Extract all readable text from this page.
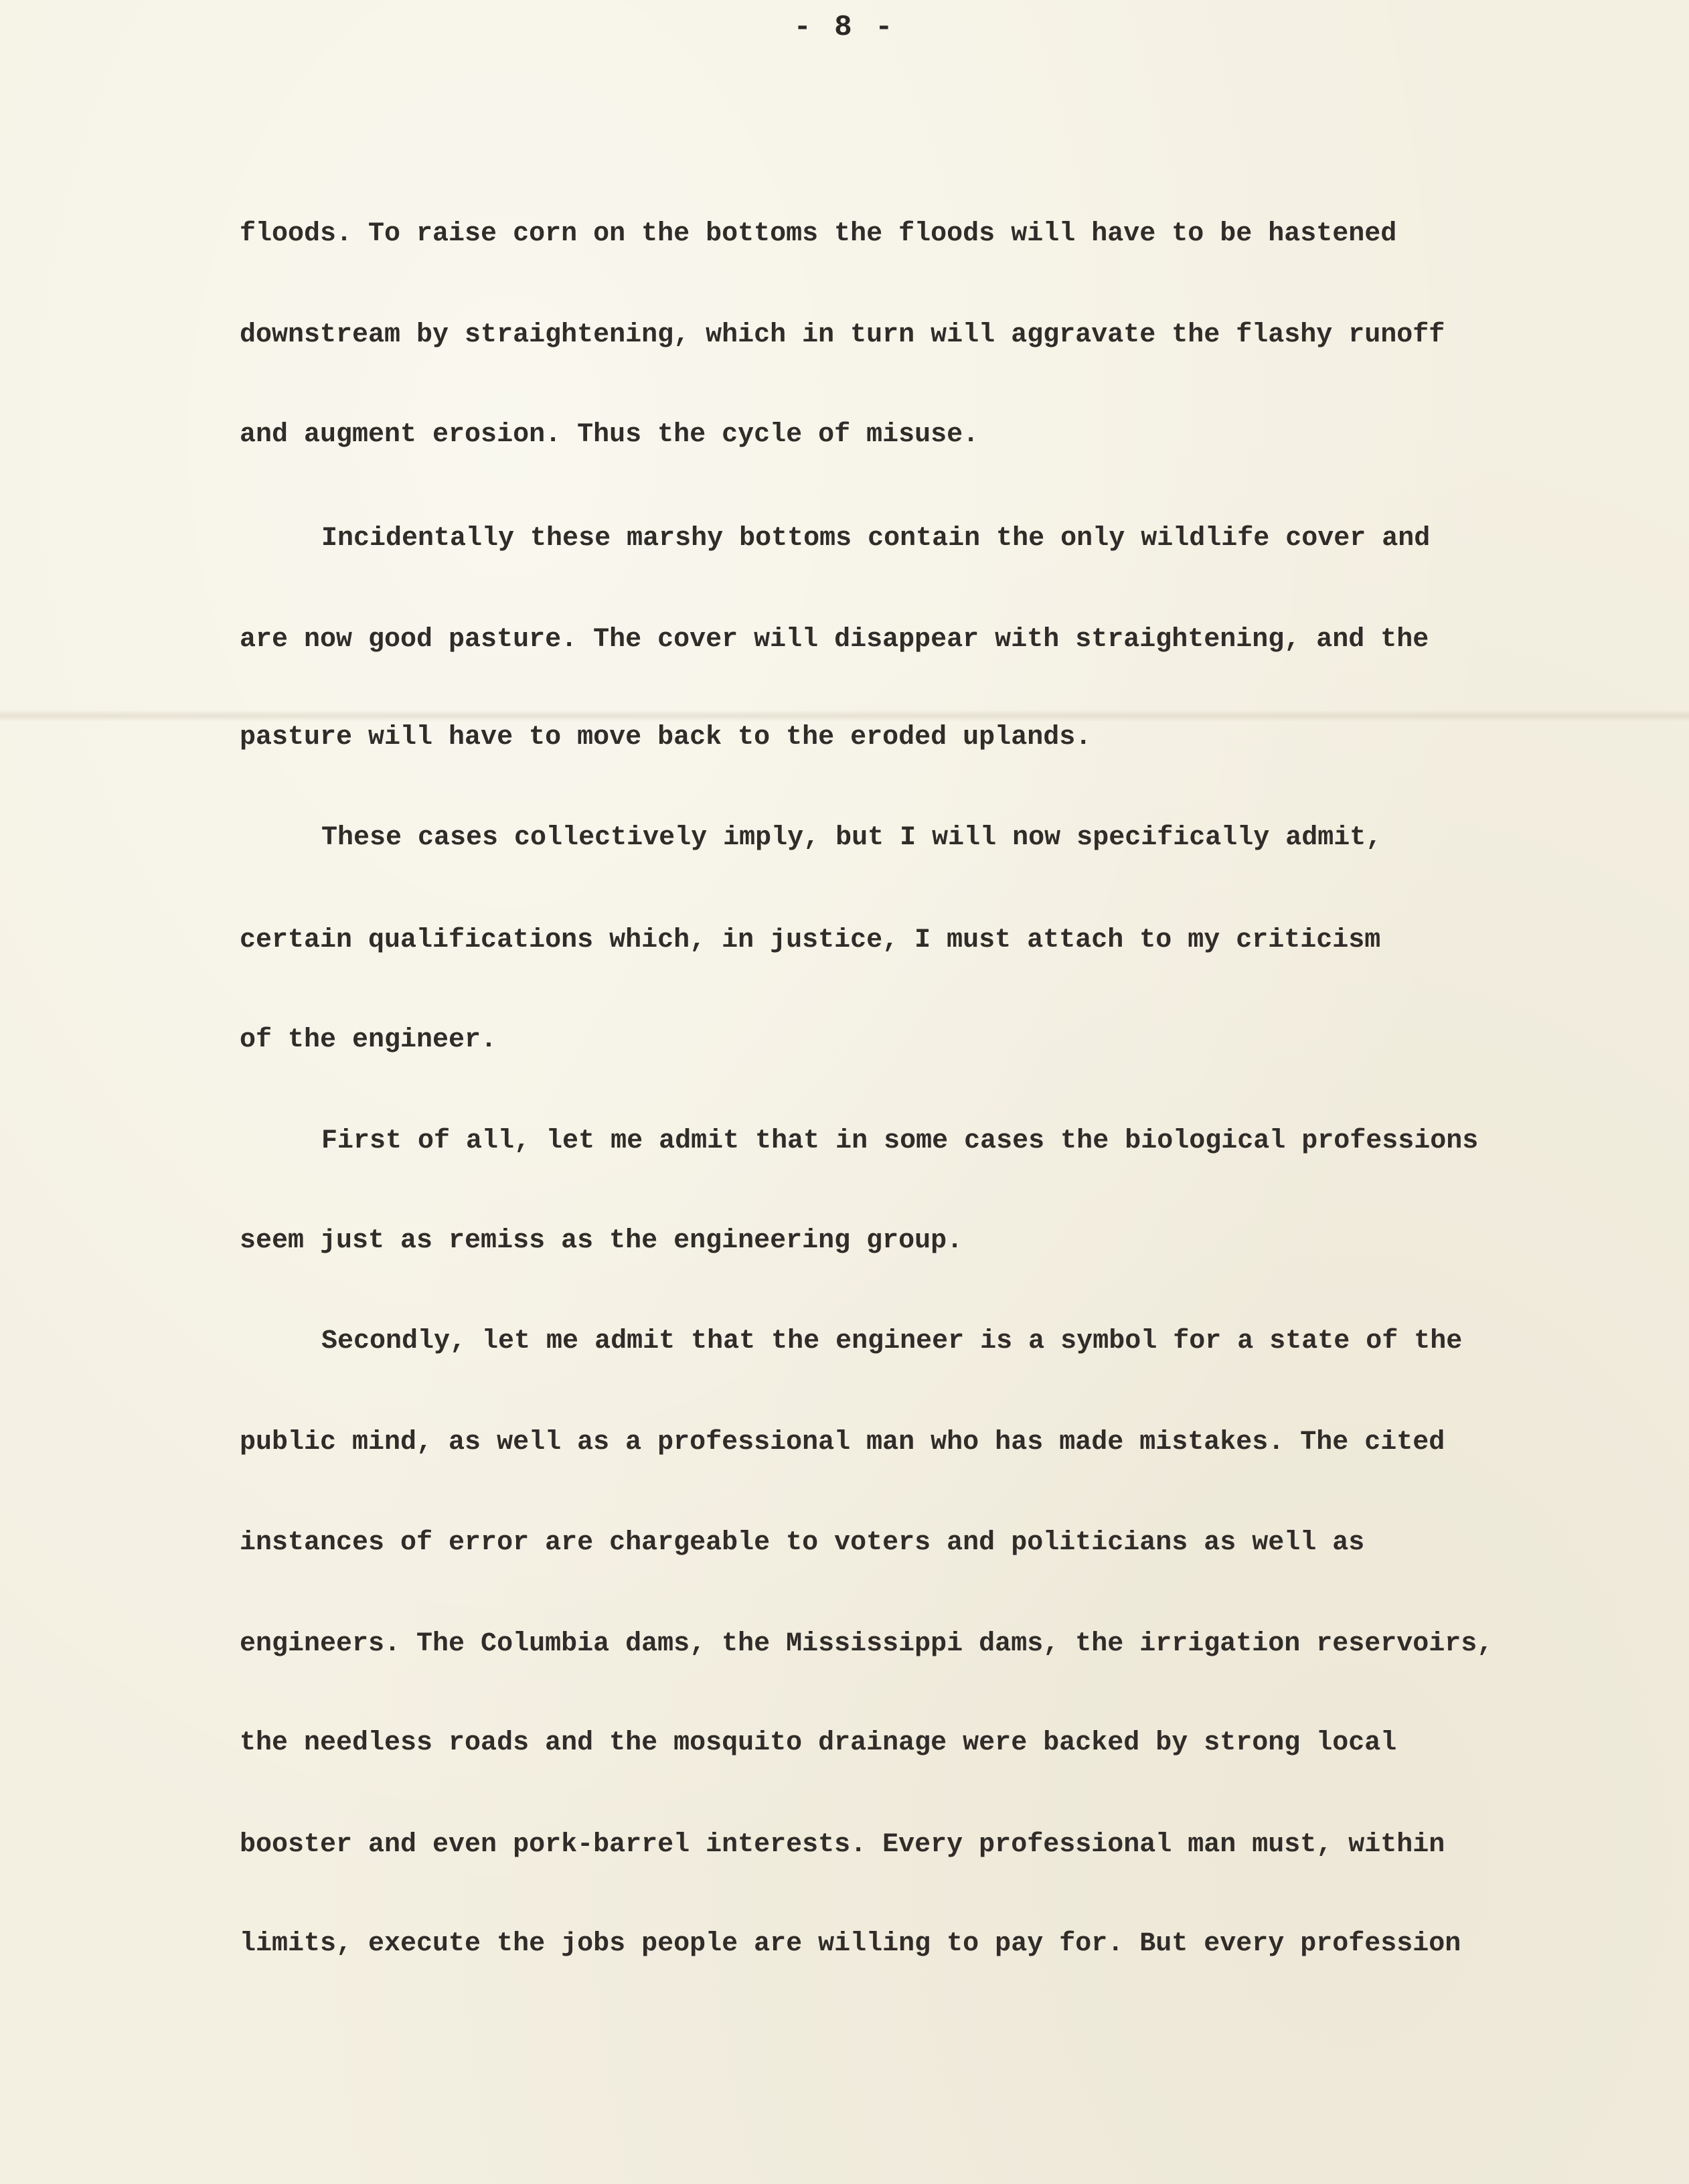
- 8 -
floods. To raise corn on the bottoms the floods will have to be hastened
downstream by straightening, which in turn will aggravate the flashy runoff
and augment erosion. Thus the cycle of misuse.
Incidentally these marshy bottoms contain the only wildlife cover and
are now good pasture. The cover will disappear with straightening, and the
pasture will have to move back to the eroded uplands.
These cases collectively imply, but I will now specifically admit,
certain qualifications which, in justice, I must attach to my criticism
of the engineer.
First of all, let me admit that in some cases the biological professions
seem just as remiss as the engineering group.
Secondly, let me admit that the engineer is a symbol for a state of the
public mind, as well as a professional man who has made mistakes. The cited
instances of error are chargeable to voters and politicians as well as
engineers. The Columbia dams, the Mississippi dams, the irrigation reservoirs,
the needless roads and the mosquito drainage were backed by strong local
booster and even pork-barrel interests. Every professional man must, within
limits, execute the jobs people are willing to pay for. But every profession
